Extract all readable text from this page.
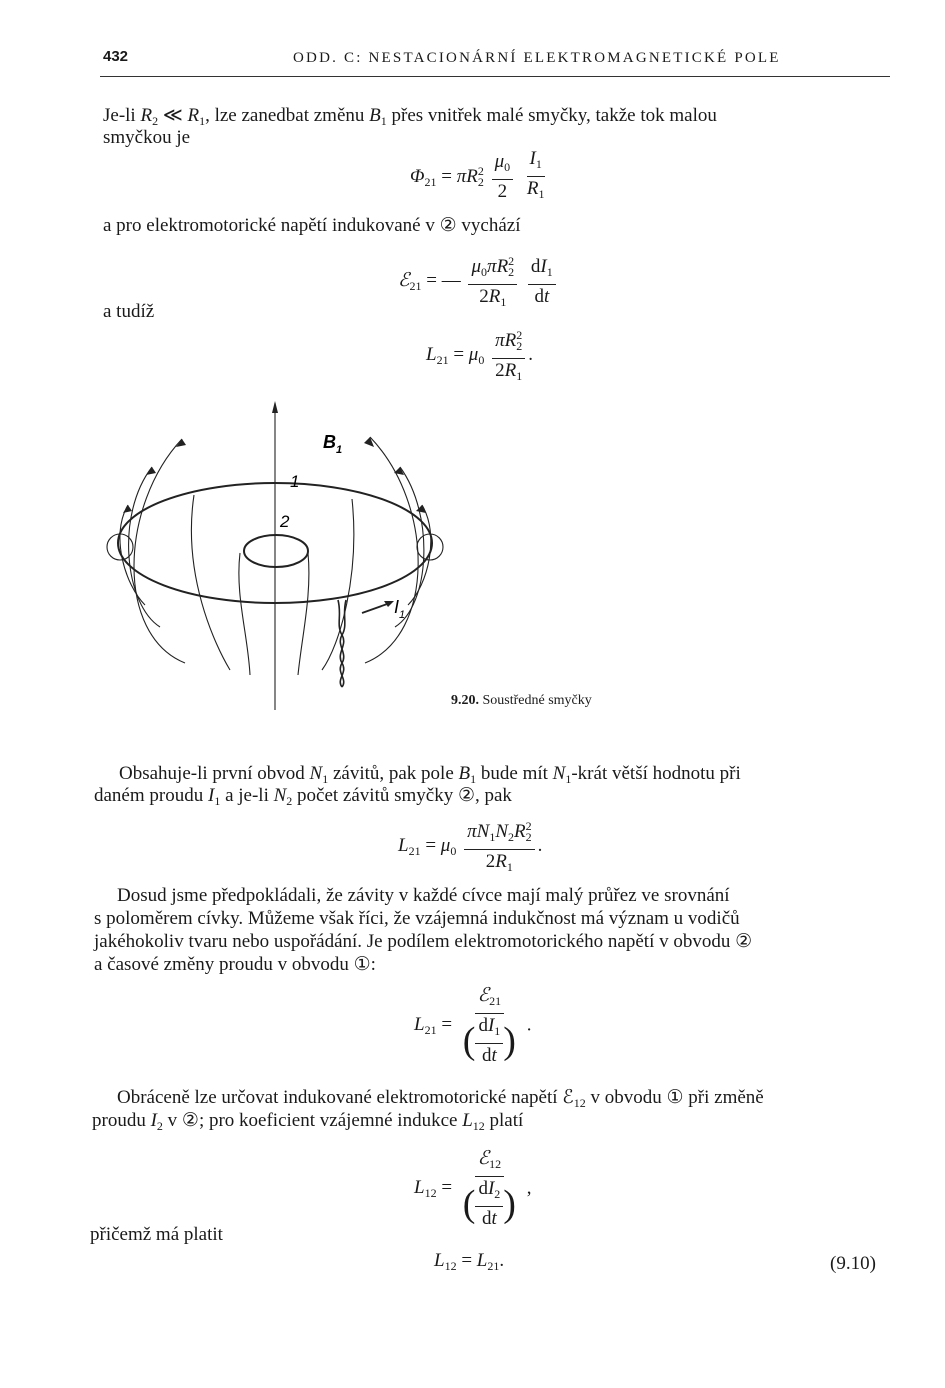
432	ODD. C: NESTACIONÁRNÍ ELEKTROMAGNETICKÉ POLE
Je-li $R_2$ ≪ $R_1$, lze zanedbat změnu $B_1$ přes vnitřek malé smyčky, takže tok malou
smyčkou je
$\Phi_{21} = \pi R^2_2 \frac{\mu_0}{2}$
$\frac{I_1}{R_1}$
a pro elektromotorické napětí indukované v ② vychází
ℰ$_{21}$ = — $\frac{\mu_0\pi R^2_2}{2R_1}$
$\frac{dI_1}{dt}$
a tudíž
$L_{21} = \mu_0 \frac{\pi R^2_2}{2R_1}$ .
$B_1$
1
2
$I_1$
9.20. Soustředné smyčky
Obsahuje-li první obvod $N_1$ závitů, pak pole $B_1$ bude mít $N_1$-krát větší hodnotu při
daném proudu $I_1$ a je-li $N_2$ počet závitů smyčky ②, pak
$L_{21} = \mu_0 \frac{\pi N_1N_2R^2_2}{2R_1}$ .
Dosud jsme předpokládali, že závity v každé cívce mají malý průřez ve srovnání
s poloměrem cívky. Můžeme však říci, že vzájemná indukčnost má význam u vodičů
jakéhokoliv tvaru nebo uspořádání. Je podílem elektromotorického napětí v obvodu ②
a časové změny proudu v obvodu ①:
$L_{21} = \frac{ℰ_{21}}{( \frac{dI_1}{dt} )}$ .
Obráceně lze určovat indukované elektromotorické napětí ℰ$_{12}$ v obvodu ① při změně
proudu $I_2$ v ②; pro koeficient vzájemné indukce $L_{12}$ platí
$L_{12} = \frac{ℰ_{12}}{( \frac{dI_2}{dt} )}$ ,
přičemž má platit
$L_{12} = L_{21}$.	(9.10)
